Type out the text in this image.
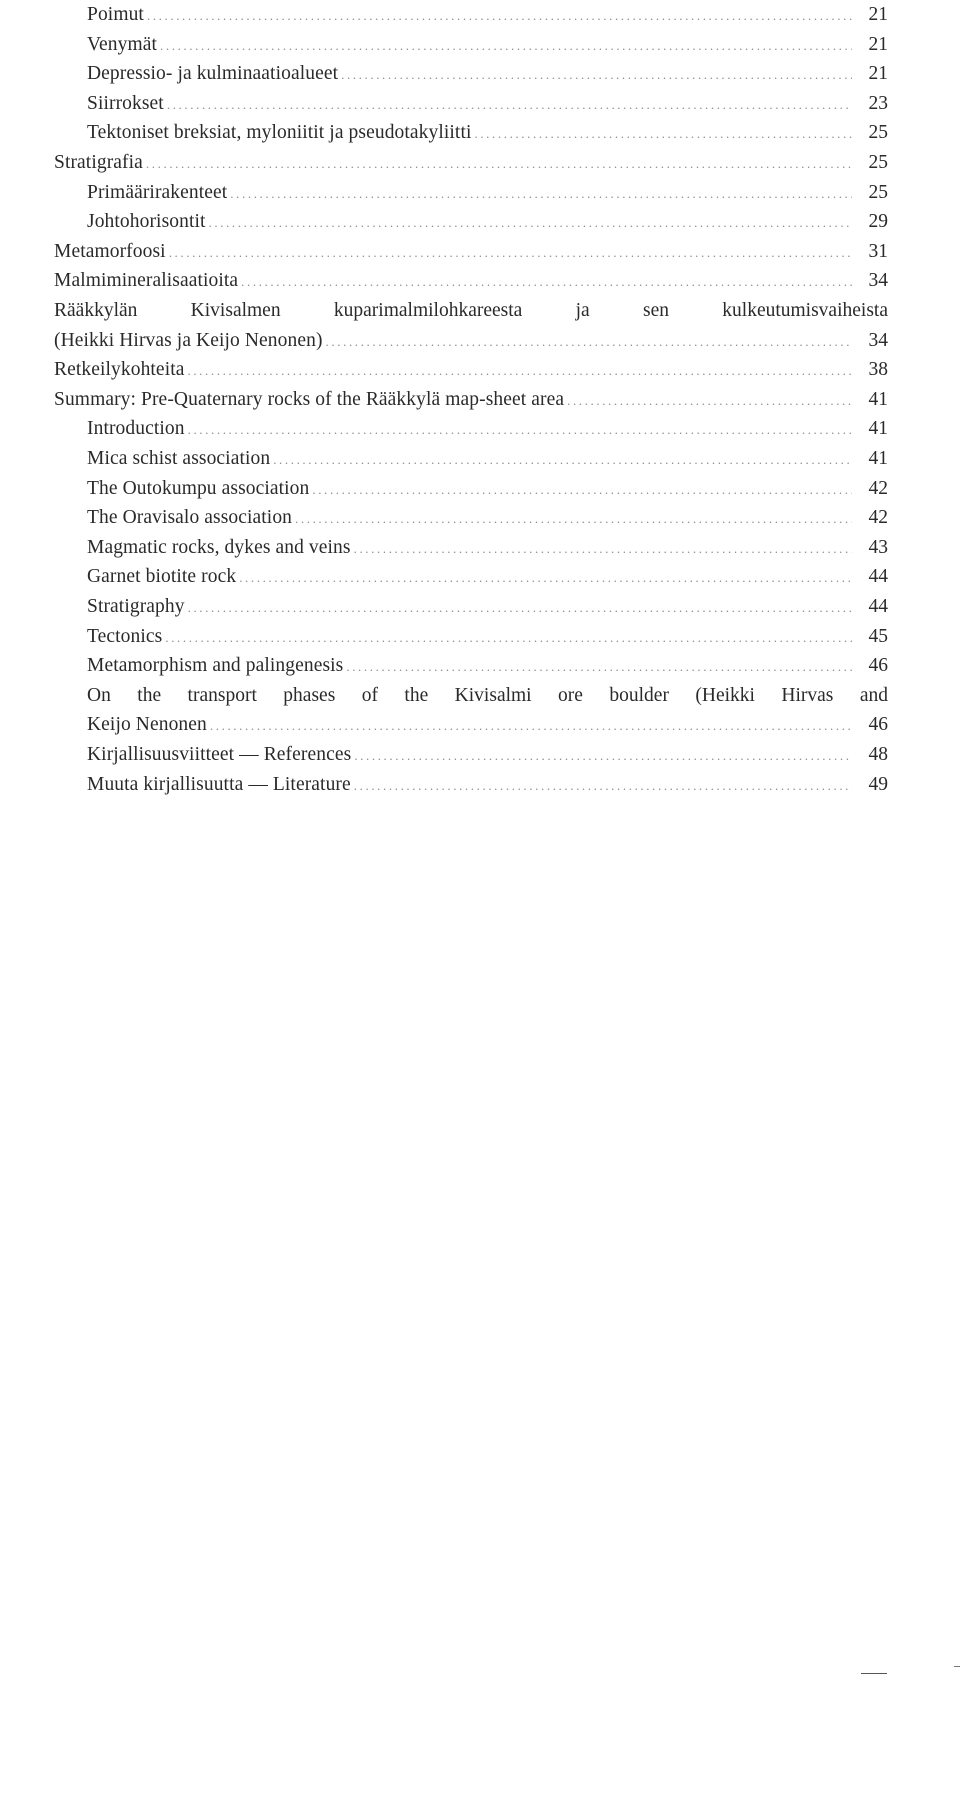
Poimut .....	21
Venymät .....	21
Depressio- ja kulminaatioalueet .....	21
Siirrokset .....	23
Tektoniset breksiat, myloniitit ja pseudotakyliitti .....	25
Stratigrafia .....	25
Primäärirakenteet .....	25
Johtohorisontit .....	29
Metamorfoosi .....	31
Malmimineralisaatioita .....	34
Rääkkylän Kivisalmen kuparimalmilohkareesta ja sen kulkeutumisvaiheista
(Heikki Hirvas ja Keijo Nenonen) .....	34
Retkeilykohteita .....	38
Summary: Pre-Quaternary rocks of the Rääkkylä map-sheet area .....	41
Introduction .....	41
Mica schist association .....	41
The Outokumpu association .....	42
The Oravisalo association .....	42
Magmatic rocks, dykes and veins .....	43
Garnet biotite rock .....	44
Stratigraphy .....	44
Tectonics .....	45
Metamorphism and palingenesis .....	46
On the transport phases of the Kivisalmi ore boulder (Heikki Hirvas and
Keijo Nenonen .....	46
Kirjallisuusviitteet — References .....	48
Muuta kirjallisuutta — Literature .....	49
